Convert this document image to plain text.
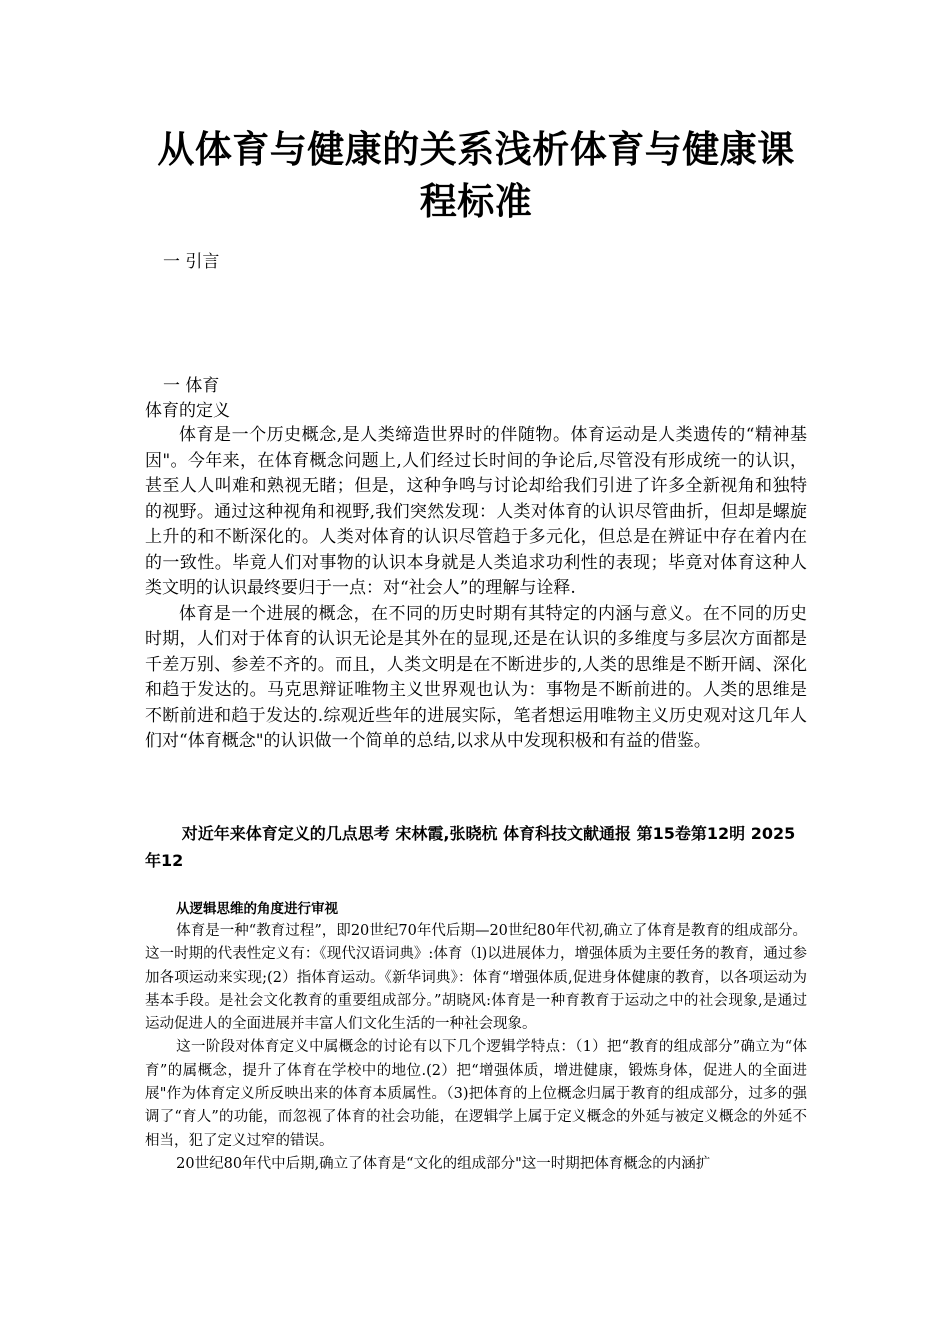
从体育与健康的关系浅析体育与健康课程标准
一 引言
一 体育
体育的定义

体育是一个历史概念,是人类缔造世界时的伴随物。体育运动是人类遗传的“精神基因"。今年来，在体育概念问题上,人们经过长时间的争论后,尽管没有形成统一的认识，甚至人人叫难和熟视无睹；但是，这种争鸣与讨论却给我们引进了许多全新视角和独特的视野。通过这种视角和视野,我们突然发现：人类对体育的认识尽管曲折，但却是螺旋上升的和不断深化的。人类对体育的认识尽管趋于多元化，但总是在辨证中存在着内在的一致性。毕竟人们对事物的认识本身就是人类追求功利性的表现；毕竟对体育这种人类文明的认识最终要归于一点：对“社会人”的理解与诠释.

体育是一个进展的概念，在不同的历史时期有其特定的内涵与意义。在不同的历史时期，人们对于体育的认识无论是其外在的显现,还是在认识的多维度与多层次方面都是千差万别、参差不齐的。而且，人类文明是在不断进步的,人类的思维是不断开阔、深化和趋于发达的。马克思辩证唯物主义世界观也认为：事物是不断前进的。人类的思维是不断前进和趋于发达的.综观近些年的进展实际，笔者想运用唯物主义历史观对这几年人们对“体育概念"的认识做一个简单的总结,以求从中发现积极和有益的借鉴。

对近年来体育定义的几点思考 宋林霞,张晓杭 体育科技文献通报 第15卷第12明 2025年12
从逻辑思维的角度进行审视

体育是一种“教育过程”，即20世纪70年代后期—20世纪80年代初,确立了体育是教育的组成部分。这一时期的代表性定义有：《现代汉语词典》:体育（l)以进展体力，增强体质为主要任务的教育，通过参加各项运动来实现;(2）指体育运动。《新华词典》：体育“增强体质,促进身体健康的教育，以各项运动为基本手段。是社会文化教育的重要组成部分。”胡晓风:体育是一种育教育于运动之中的社会现象,是通过运动促进人的全面进展并丰富人们文化生活的一种社会现象。

这一阶段对体育定义中属概念的讨论有以下几个逻辑学特点：（1）把“教育的组成部分”确立为“体育”的属概念，提升了体育在学校中的地位.(2）把“增强体质，增进健康，锻炼身体，促进人的全面进展"作为体育定义所反映出来的体育本质属性。（3)把体育的上位概念归属于教育的组成部分，过多的强调了“育人”的功能，而忽视了体育的社会功能，在逻辑学上属于定义概念的外延与被定义概念的外延不相当，犯了定义过窄的错误。

20世纪80年代中后期,确立了体育是“文化的组成部分"这一时期把体育概念的内涵扩
